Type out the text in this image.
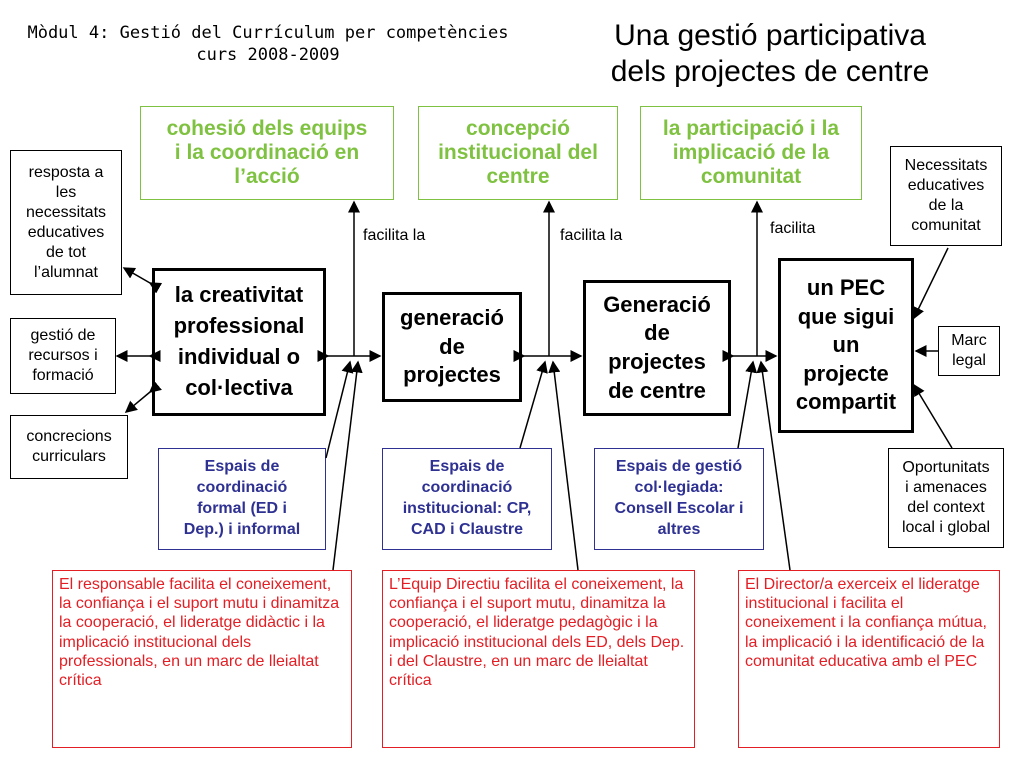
Mòdul 4: Gestió del Currículum per competències
curs 2008-2009
Una gestió participativa
dels projectes de centre
cohesió dels equips
i la coordinació en
l’acció
concepció
institucional del
centre
la participació i la
implicació de la
comunitat
facilita la	facilita la	facilita
resposta a
les
necessitats
educatives
de tot
l’alumnat
gestió de
recursos i
formació
concrecions
curriculars
Necessitats
educatives
de la
comunitat
Marc
legal
Oportunitats
i amenaces
del context
local i global
la creativitat
professional
individual o
col·lectiva
generació
de
projectes
Generació
de
projectes
de centre
un PEC
que sigui
un
projecte
compartit
Espais de
coordinació
formal (ED i
Dep.) i informal
Espais de
coordinació
institucional: CP,
CAD i Claustre
Espais de gestió
col·legiada:
Consell Escolar i
altres
El responsable facilita el coneixement, la confiança i el suport mutu i dinamitza la cooperació, el lideratge didàctic i la implicació institucional dels professionals, en un marc de lleialtat crítica
L’Equip Directiu facilita el coneixement, la confiança i el suport mutu, dinamitza la cooperació, el lideratge pedagògic i la implicació institucional dels ED, dels Dep. i del Claustre, en un marc de lleialtat crítica
El Director/a exerceix el lideratge institucional i facilita el coneixement i la confiança mútua, la implicació i la identificació de la comunitat educativa amb el PEC
